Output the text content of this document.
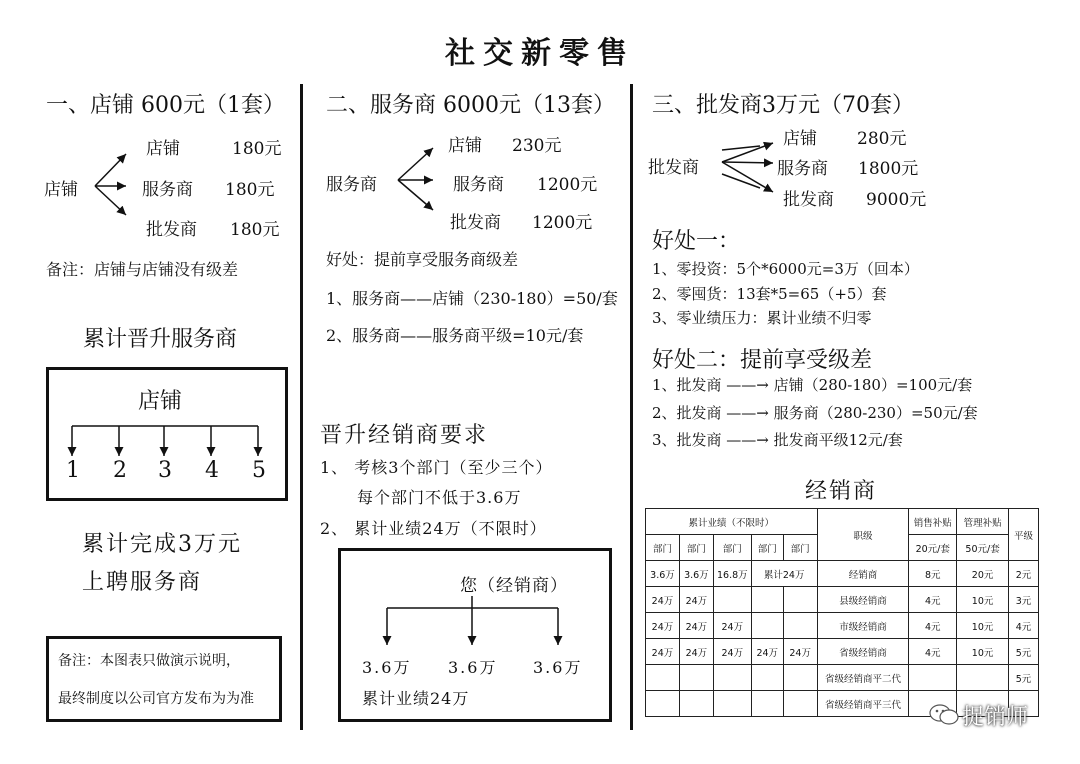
社交新零售
一、店铺 600元（1套）
店铺
店铺	180元
服务商 180元
批发商 180元
备注：店铺与店铺没有级差
累计晋升服务商
店铺
1 2 3 4 5
累计完成3万元
上聘服务商
备注：本图表只做演示说明，
最终制度以公司官方发布为为准
二、服务商 6000元（13套）
服务商
店铺 230元
服务商 1200元
批发商 1200元
好处：提前享受服务商级差
1、服务商——店铺（230-180）=50/套
2、服务商——服务商平级=10元/套
晋升经销商要求
1、 考核3个部门（至少三个）
每个部门不低于3.6万
2、 累计业绩24万（不限时）
您（经销商）
3.6万 3.6万 3.6万
累计业绩24万
三、批发商3万元（70套）
批发商
店铺 280元
服务商 1800元
批发商 9000元
好处一：
1、零投资：5个*6000元=3万（回本）
2、零囤货：13套*5=65（+5）套
3、零业绩压力：累计业绩不归零
好处二：提前享受级差
1、批发商 ——→ 店铺（280-180）=100元/套
2、批发商 ——→ 服务商（280-230）=50元/套
3、批发商 ——→ 批发商平级12元/套
经销商
累计业绩（不限时）					职级	销售补贴	管理补贴	平级
部门	部门	部门	部门	部门		20元/套	50元/套	
3.6万	3.6万	16.8万	累计24万		经销商	8元	20元	2元
24万	24万				县级经销商	4元	10元	3元
24万	24万	24万			市级经销商	4元	10元	4元
24万	24万	24万	24万	24万	省级经销商	4元	10元	5元
					省级经销商平二代			5元
					省级经销商平三代				捉销师
